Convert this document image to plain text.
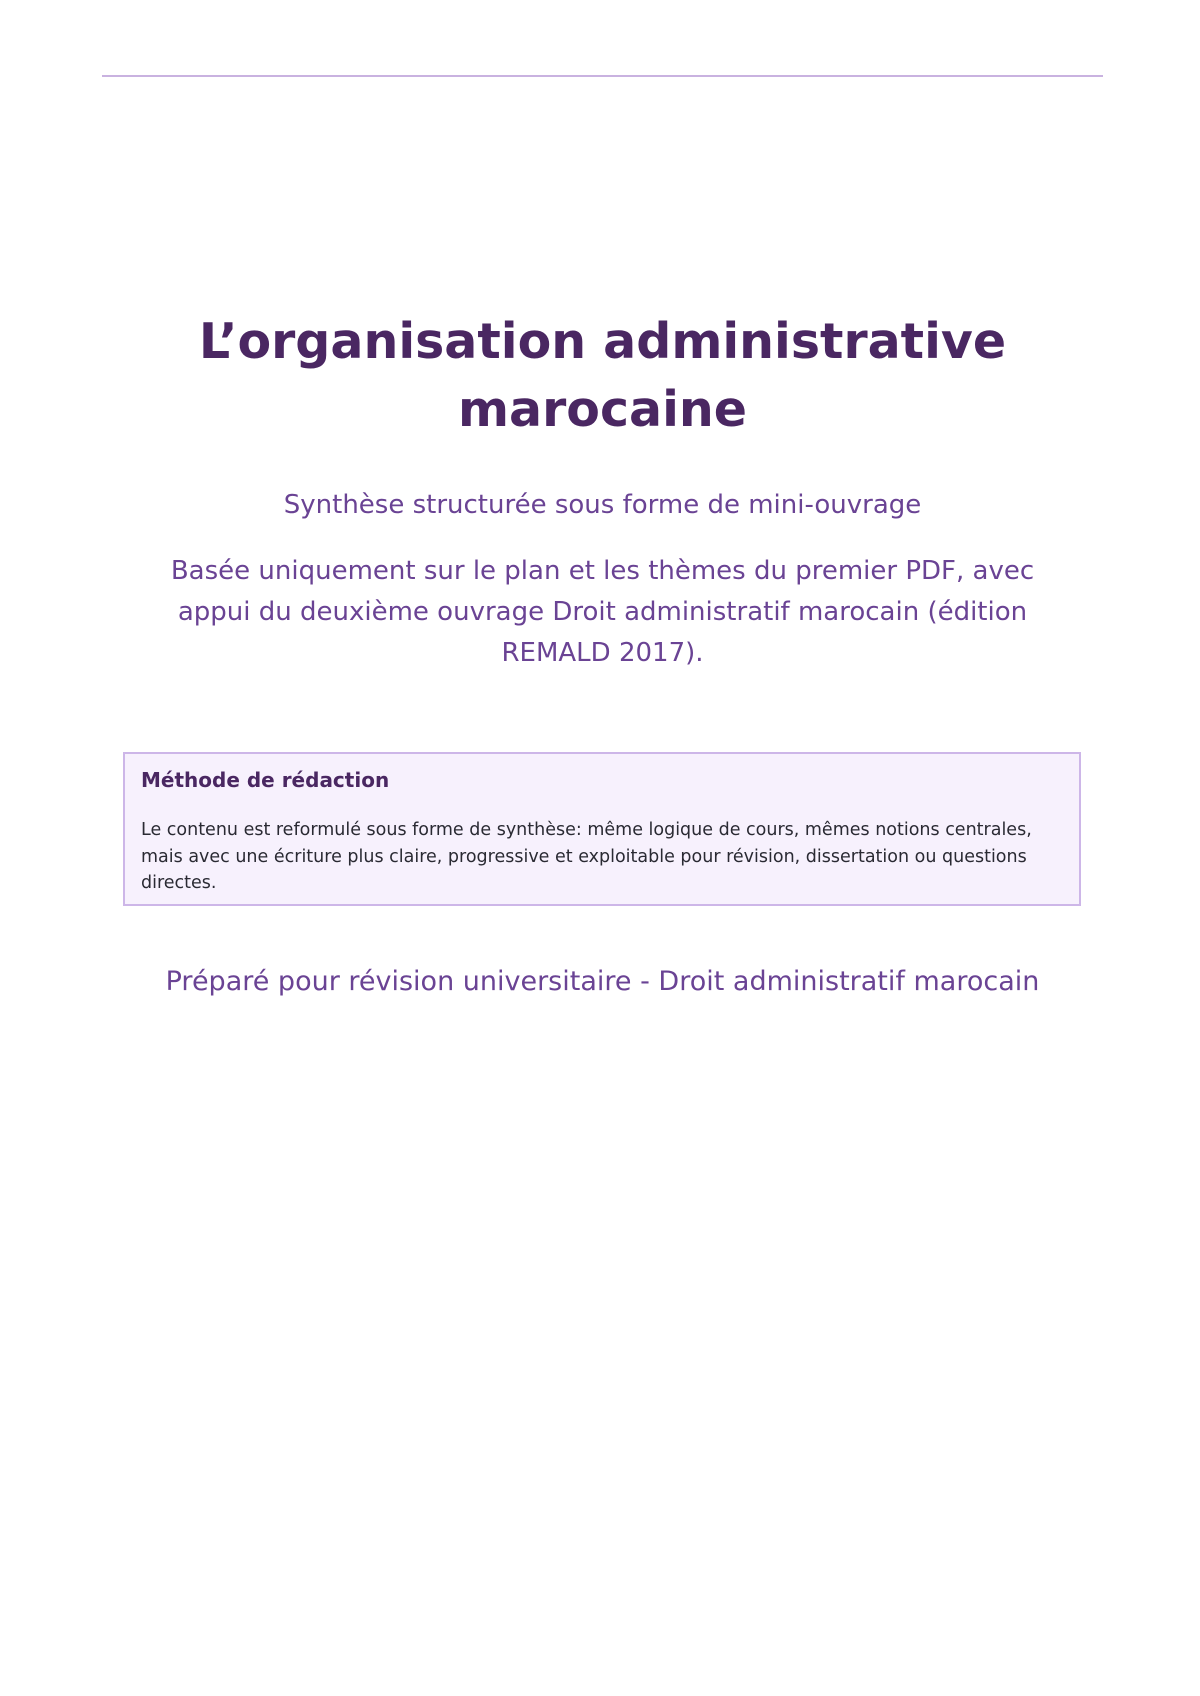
L’organisation administrative
marocaine
Synthèse structurée sous forme de mini-ouvrage
Basée uniquement sur le plan et les thèmes du premier PDF, avec
appui du deuxième ouvrage Droit administratif marocain (édition
REMALD 2017).
Méthode de rédaction
Le contenu est reformulé sous forme de synthèse: même logique de cours, mêmes notions centrales,
mais avec une écriture plus claire, progressive et exploitable pour révision, dissertation ou questions
directes.
Préparé pour révision universitaire - Droit administratif marocain
